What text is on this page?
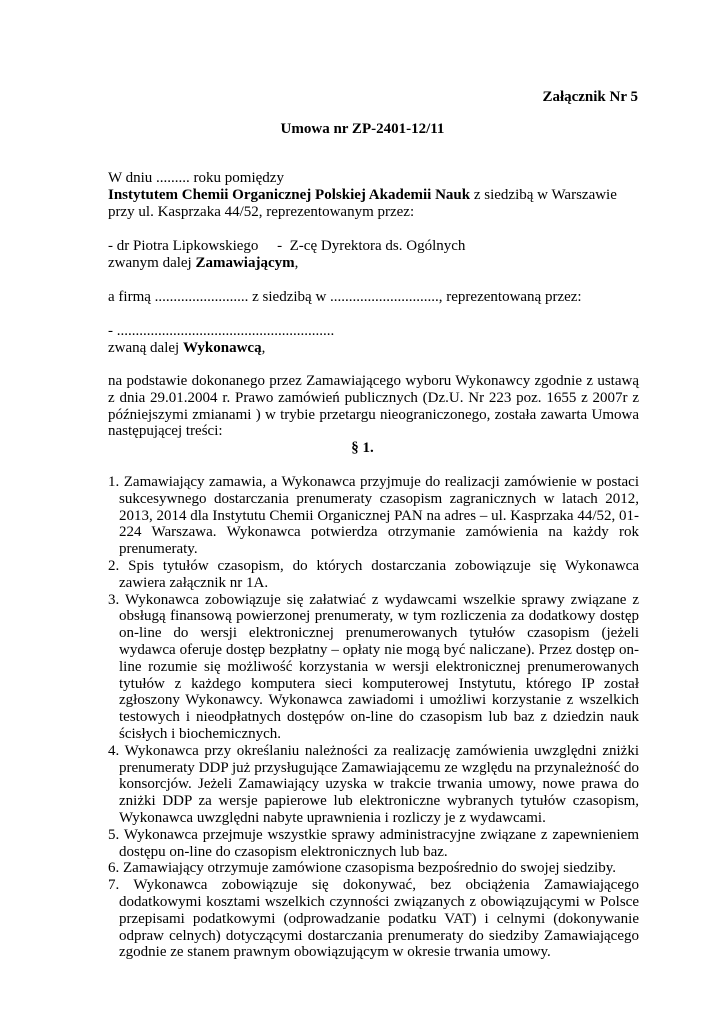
Załącznik Nr 5
Umowa nr ZP-2401-12/11
W dniu ......... roku pomiędzy
Instytutem Chemii Organicznej Polskiej Akademii Nauk z siedzibą w Warszawie przy ul. Kasprzaka 44/52, reprezentowanym przez:
- dr Piotra Lipkowskiego     -  Z-cę Dyrektora ds. Ogólnych
zwanym dalej Zamawiającym,
a firmą ......................... z siedzibą w ............................., reprezentowaną przez:
- ..........................................................
zwaną dalej Wykonawcą,
na podstawie dokonanego przez Zamawiającego wyboru Wykonawcy zgodnie z ustawą z dnia 29.01.2004 r. Prawo zamówień publicznych (Dz.U. Nr 223 poz. 1655 z 2007r z późniejszymi zmianami ) w trybie przetargu nieograniczonego, została zawarta Umowa następującej treści:
§ 1.
1. Zamawiający zamawia, a Wykonawca przyjmuje do realizacji zamówienie w postaci sukcesywnego dostarczania prenumeraty czasopism zagranicznych w latach 2012, 2013, 2014 dla Instytutu Chemii Organicznej PAN na adres – ul. Kasprzaka 44/52, 01-224 Warszawa. Wykonawca potwierdza otrzymanie zamówienia na każdy rok prenumeraty.
2. Spis tytułów czasopism, do których dostarczania zobowiązuje się Wykonawca zawiera załącznik nr 1A.
3. Wykonawca zobowiązuje się załatwiać z wydawcami wszelkie sprawy związane z obsługą finansową powierzonej prenumeraty, w tym rozliczenia za dodatkowy dostęp on-line do wersji elektronicznej prenumerowanych tytułów czasopism (jeżeli wydawca oferuje dostęp bezpłatny – opłaty nie mogą być naliczane). Przez dostęp on-line rozumie się możliwość korzystania w wersji elektronicznej prenumerowanych tytułów z każdego komputera sieci komputerowej Instytutu, którego IP został zgłoszony Wykonawcy. Wykonawca zawiadomi i umożliwi korzystanie z wszelkich testowych i nieodpłatnych dostępów on-line do czasopism lub baz z dziedzin nauk ścisłych i biochemicznych.
4. Wykonawca przy określaniu należności za realizację zamówienia uwzględni zniżki prenumeraty DDP już przysługujące Zamawiającemu ze względu na przynależność do konsorcjów. Jeżeli Zamawiający uzyska w trakcie trwania umowy, nowe prawa do zniżki DDP za wersje papierowe lub elektroniczne wybranych tytułów czasopism, Wykonawca uwzględni nabyte uprawnienia i rozliczy je z wydawcami.
5. Wykonawca przejmuje wszystkie sprawy administracyjne związane z zapewnieniem dostępu on-line do czasopism elektronicznych lub baz.
6. Zamawiający otrzymuje zamówione czasopisma bezpośrednio do swojej siedziby.
7. Wykonawca zobowiązuje się dokonywać, bez obciążenia Zamawiającego dodatkowymi kosztami wszelkich czynności związanych z obowiązującymi w Polsce przepisami podatkowymi (odprowadzanie podatku VAT) i celnymi (dokonywanie odpraw celnych) dotyczącymi dostarczania prenumeraty do siedziby Zamawiającego zgodnie ze stanem prawnym obowiązującym w okresie trwania umowy.
